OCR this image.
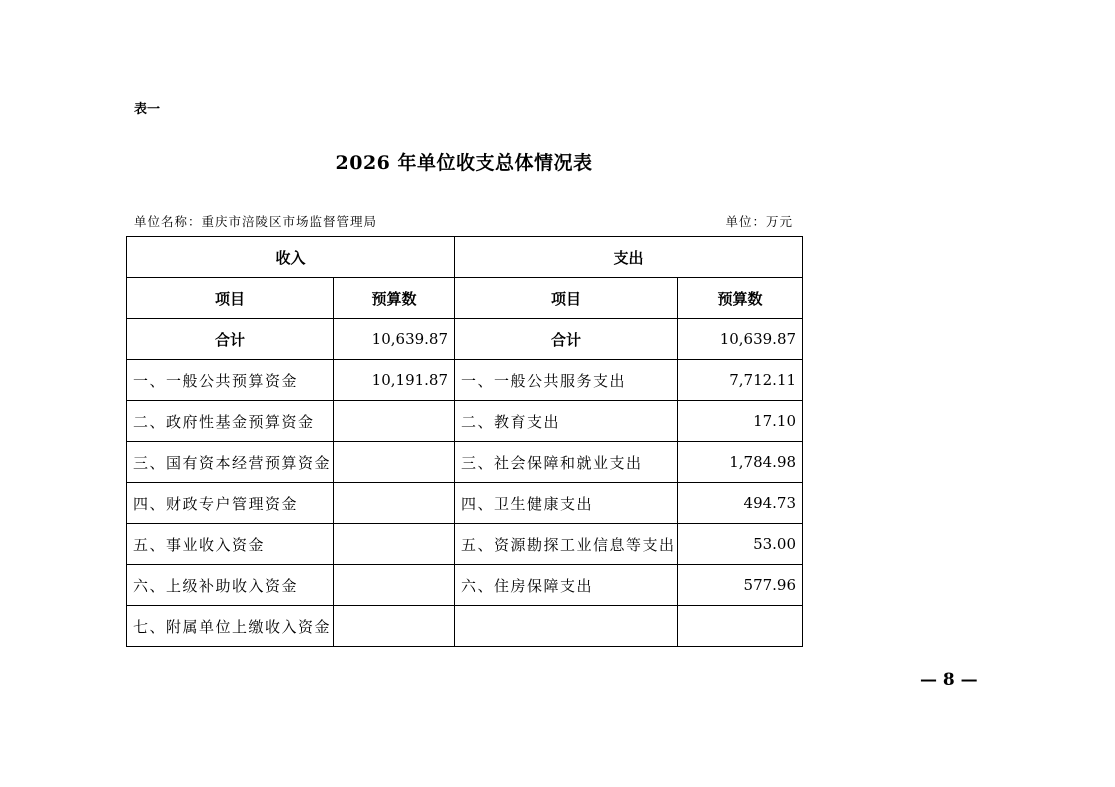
表一
2026 年单位收支总体情况表
单位名称：重庆市涪陵区市场监督管理局	单位：万元
收入		支出	
项目	预算数	项目	预算数
合计	10,639.87	合计	10,639.87
一、一般公共预算资金	10,191.87	一、一般公共服务支出	7,712.11
二、政府性基金预算资金		二、教育支出	17.10
三、国有资本经营预算资金		三、社会保障和就业支出	1,784.98
四、财政专户管理资金		四、卫生健康支出	494.73
五、事业收入资金		五、资源勘探工业信息等支出	53.00
六、上级补助收入资金		六、住房保障支出	577.96
七、附属单位上缴收入资金			
— 8 —
